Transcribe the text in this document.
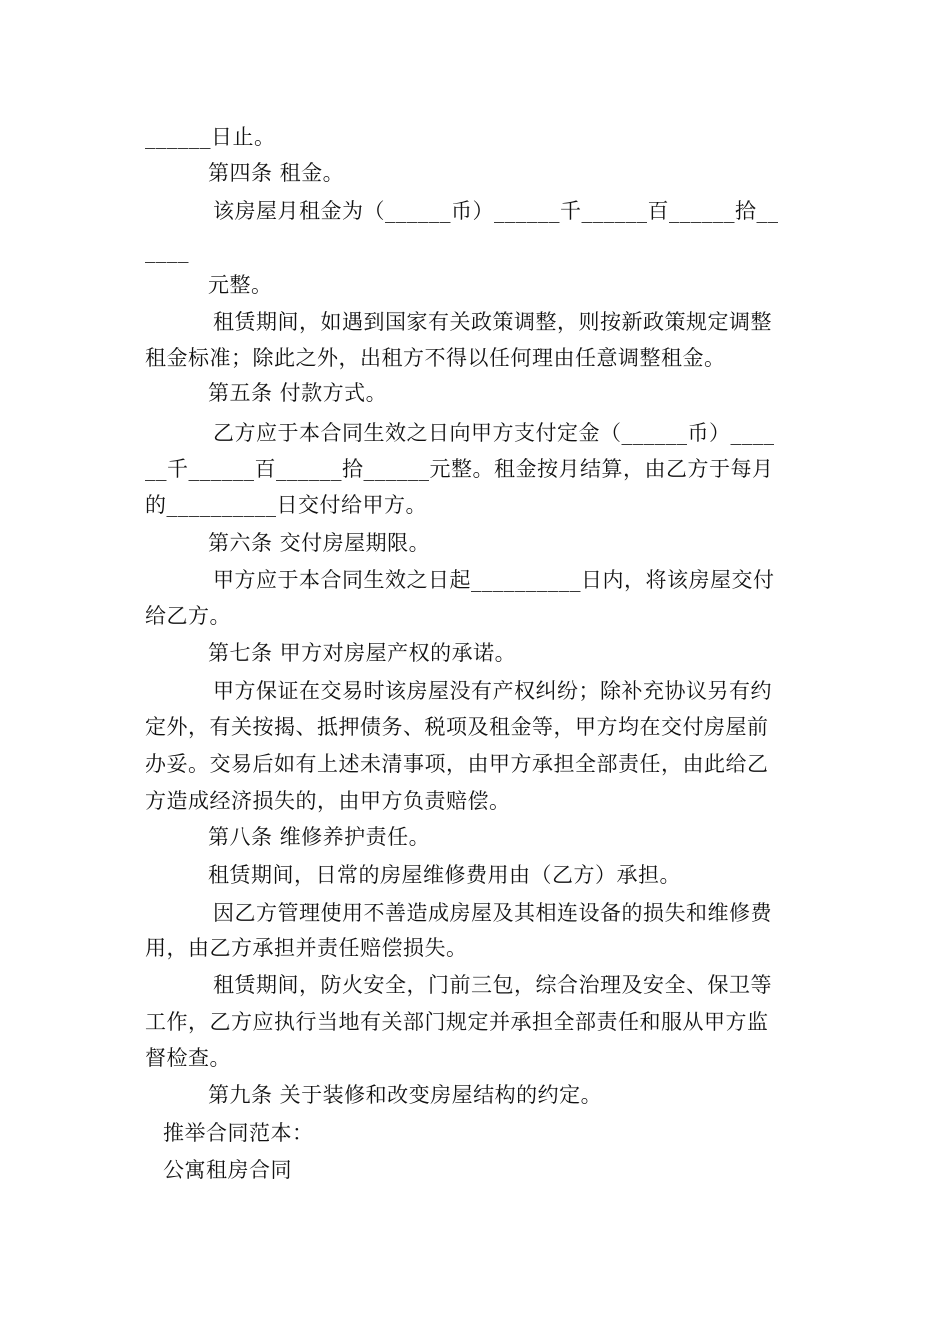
______日止。
第四条 租金。
该房屋月租金为（______币）______千______百______拾__
____
元整。
租赁期间，如遇到国家有关政策调整，则按新政策规定调整
租金标准；除此之外，出租方不得以任何理由任意调整租金。
第五条 付款方式。
乙方应于本合同生效之日向甲方支付定金（______币）____
__千______百______拾______元整。租金按月结算，由乙方于每月
的__________日交付给甲方。
第六条 交付房屋期限。
甲方应于本合同生效之日起__________日内，将该房屋交付
给乙方。
第七条 甲方对房屋产权的承诺。
甲方保证在交易时该房屋没有产权纠纷；除补充协议另有约
定外，有关按揭、抵押债务、税项及租金等，甲方均在交付房屋前
办妥。交易后如有上述未清事项，由甲方承担全部责任，由此给乙
方造成经济损失的，由甲方负责赔偿。
第八条 维修养护责任。
租赁期间，日常的房屋维修费用由（乙方）承担。
因乙方管理使用不善造成房屋及其相连设备的损失和维修费
用，由乙方承担并责任赔偿损失。
租赁期间，防火安全，门前三包，综合治理及安全、保卫等
工作，乙方应执行当地有关部门规定并承担全部责任和服从甲方监
督检查。
第九条 关于装修和改变房屋结构的约定。
推举合同范本：
公寓租房合同
